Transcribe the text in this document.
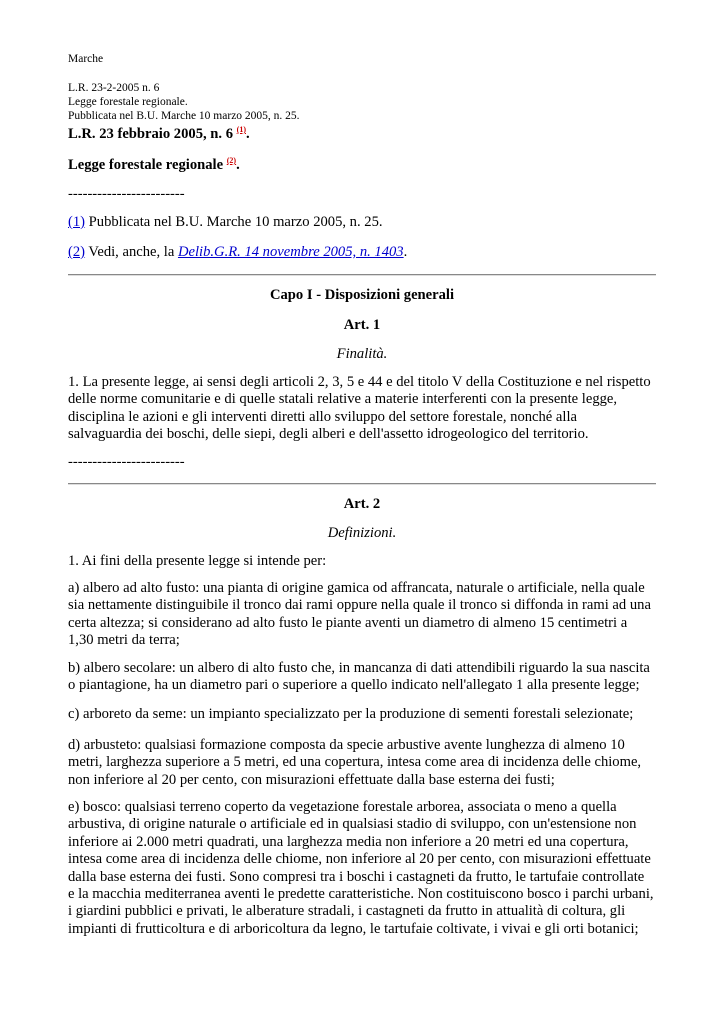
Marche
L.R. 23-2-2005 n. 6
Legge forestale regionale.
Pubblicata nel B.U. Marche 10 marzo 2005, n. 25.
L.R. 23 febbraio 2005, n. 6 $^{(1)}$.
Legge forestale regionale $^{(2)}$.
------------------------
(1) Pubblicata nel B.U. Marche 10 marzo 2005, n. 25.
(2) Vedi, anche, la Delib.G.R. 14 novembre 2005, n. 1403.
Capo I - Disposizioni generali
Art. 1
Finalità.

1. La presente legge, ai sensi degli articoli 2, 3, 5 e 44 e del titolo V della Costituzione e nel rispetto

delle norme comunitarie e di quelle statali relative a materie interferenti con la presente legge,

disciplina le azioni e gli interventi diretti allo sviluppo del settore forestale, nonché alla

salvaguardia dei boschi, delle siepi, degli alberi e dell'assetto idrogeologico del territorio.

------------------------
Art. 2
Definizioni.
1. Ai fini della presente legge si intende per:

a) albero ad alto fusto: una pianta di origine gamica od affrancata, naturale o artificiale, nella quale

sia nettamente distinguibile il tronco dai rami oppure nella quale il tronco si diffonda in rami ad una

certa altezza; si considerano ad alto fusto le piante aventi un diametro di almeno 15 centimetri a

1,30 metri da terra;

b) albero secolare: un albero di alto fusto che, in mancanza di dati attendibili riguardo la sua nascita

o piantagione, ha un diametro pari o superiore a quello indicato nell'allegato 1 alla presente legge;

c) arboreto da seme: un impianto specializzato per la produzione di sementi forestali selezionate;

d) arbusteto: qualsiasi formazione composta da specie arbustive avente lunghezza di almeno 10

metri, larghezza superiore a 5 metri, ed una copertura, intesa come area di incidenza delle chiome,

non inferiore al 20 per cento, con misurazioni effettuate dalla base esterna dei fusti;

e) bosco: qualsiasi terreno coperto da vegetazione forestale arborea, associata o meno a quella

arbustiva, di origine naturale o artificiale ed in qualsiasi stadio di sviluppo, con un'estensione non

inferiore ai 2.000 metri quadrati, una larghezza media non inferiore a 20 metri ed una copertura,

intesa come area di incidenza delle chiome, non inferiore al 20 per cento, con misurazioni effettuate

dalla base esterna dei fusti. Sono compresi tra i boschi i castagneti da frutto, le tartufaie controllate

e la macchia mediterranea aventi le predette caratteristiche. Non costituiscono bosco i parchi urbani,

i giardini pubblici e privati, le alberature stradali, i castagneti da frutto in attualità di coltura, gli

impianti di frutticoltura e di arboricoltura da legno, le tartufaie coltivate, i vivai e gli orti botanici;
